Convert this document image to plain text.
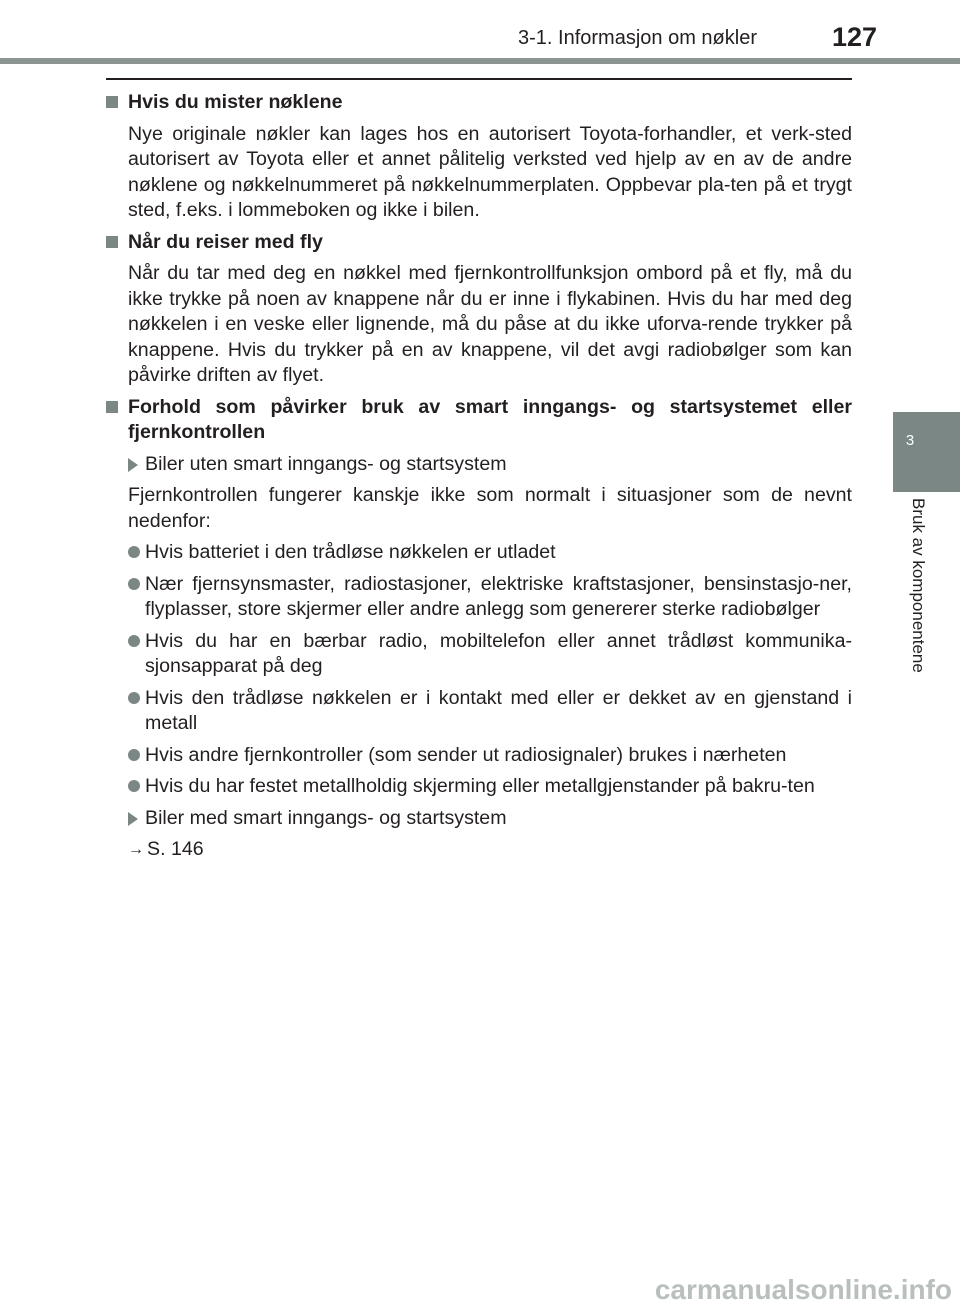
3-1. Informasjon om nøkler	127
3
Bruk av komponentene
Hvis du mister nøklene
Nye originale nøkler kan lages hos en autorisert Toyota-forhandler, et verk-sted autorisert av Toyota eller et annet pålitelig verksted ved hjelp av en av de andre nøklene og nøkkelnummeret på nøkkelnummerplaten. Oppbevar pla-ten på et trygt sted, f.eks. i lommeboken og ikke i bilen.
Når du reiser med fly
Når du tar med deg en nøkkel med fjernkontrollfunksjon ombord på et fly, må du ikke trykke på noen av knappene når du er inne i flykabinen. Hvis du har med deg nøkkelen i en veske eller lignende, må du påse at du ikke uforva-rende trykker på knappene. Hvis du trykker på en av knappene, vil det avgi radiobølger som kan påvirke driften av flyet.
Forhold som påvirker bruk av smart inngangs- og startsystemet eller fjernkontrollen
Biler uten smart inngangs- og startsystem
Fjernkontrollen fungerer kanskje ikke som normalt i situasjoner som de nevnt nedenfor:
Hvis batteriet i den trådløse nøkkelen er utladet
Nær fjernsynsmaster, radiostasjoner, elektriske kraftstasjoner, bensinstasjo-ner, flyplasser, store skjermer eller andre anlegg som genererer sterke radiobølger
Hvis du har en bærbar radio, mobiltelefon eller annet trådløst kommunika-sjonsapparat på deg
Hvis den trådløse nøkkelen er i kontakt med eller er dekket av en gjenstand i metall
Hvis andre fjernkontroller (som sender ut radiosignaler) brukes i nærheten
Hvis du har festet metallholdig skjerming eller metallgjenstander på bakru-ten
Biler med smart inngangs- og startsystem
→ S. 146
carmanualsonline.info
